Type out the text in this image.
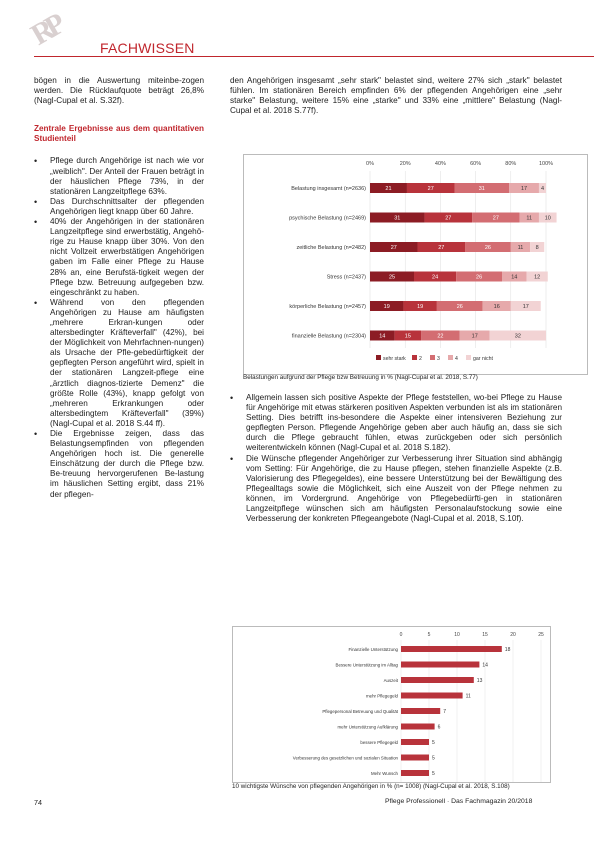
RP FACHWISSEN

bögen in die Auswertung miteinbe-zogen werden. Die Rücklaufquote beträgt 26,8% (Nagl-Cupal et al. S.32f).

Zentrale Ergebnisse aus dem quantitativen Studienteil

• Pflege durch Angehörige ist nach wie vor „weiblich". Der Anteil der Frauen beträgt in der häuslichen Pflege 73%, in der stationären Langzeitpflege 63%.
• Das Durchschnittsalter der pflegenden Angehörigen liegt knapp über 60 Jahre.
• 40% der Angehörigen in der stationären Langzeitpflege sind erwerbstätig, Angehö-rige zu Hause knapp über 30%. Von den nicht Vollzeit erwerbstätigen Angehörigen gaben im Falle einer Pflege zu Hause 28% an, eine Berufstä-tigkeit wegen der Pflege bzw. Betreuung aufgegeben bzw. eingeschränkt zu haben.
• Während von den pflegenden Angehörigen zu Hause am häufigsten „mehrere Erkran-kungen oder altersbedingter Kräfteverfall" (42%), bei der Möglichkeit von Mehrfachnen-nungen) als Ursache der Pfle-gebedürftigkeit der gepflegten Person angeführt wird, spielt in der stationären Langzeit-pflege eine „ärztlich diagnos-tizierte Demenz" die größte Rolle (43%), knapp gefolgt von „mehreren Erkrankungen oder altersbedingtem Kräfteverfall" (39%) (Nagl-Cupal et al. 2018 S.44 ff).
• Die Ergebnisse zeigen, dass das Belastungsempfinden von pflegenden Angehörigen hoch ist. Die generelle Einschätzung der durch die Pflege bzw. Be-treuung hervorgerufenen Be-lastung im häuslichen Setting ergibt, dass 21% der pflegen-

den Angehörigen insgesamt „sehr stark" belastet sind, weitere 27% sich „stark" belastet fühlen. Im stationären Bereich empfinden 6% der pflegenden Angehörigen eine „sehr starke" Belastung, weitere 15% eine „starke" und 33% eine „mittlere" Belastung (Nagl-Cupal et al. 2018 S.77f).

0%	20%	40%	60%	80%	100%
Belastung insgesamt (n=2636)	21	27	31	17	4
psychische Belastung (n=2469)	31	27	27	11 10
zeitliche Belastung (n=2482)	27	27	26	11 8
Stress (n=2437)	25	24	26	14	12
körperliche Belastung (n=2457)	19	19	26	16	17
finanzielle Belastung (n=2304) 14	15	22	17	32
sehr stark	2	3	4	gar nicht
Belastungen aufgrund der Pflege bzw Betreuung in % (Nagl-Cupal et al. 2018, S.77)
• Allgemein lassen sich positive Aspekte der Pflege feststellen, wo-bei Pflege zu Hause für Angehörige mit etwas stärkeren positiven Aspekten verbunden ist als im stationären Setting. Dies betrifft ins-besondere die Aspekte einer intensiveren Beziehung zur gepflegten Person. Pflegende Angehörige geben aber auch häufig an, dass sie sich durch die Pflege gebraucht fühlen, etwas zurückgeben oder sich persönlich weiterentwickeln können (Nagl-Cupal et al. 2018 S.182).
• Die Wünsche pflegender Angehöriger zur Verbesserung ihrer Situation sind abhängig vom Setting: Für Angehörige, die zu Hause pflegen, stehen finanzielle Aspekte (z.B. Valorisierung des Pflegegeldes), eine bessere Unterstützung bei der Bewältigung des Pflegealltags sowie die Möglichkeit, sich eine Auszeit von der Pflege nehmen zu können, im Vordergrund. Angehörige von Pflegebedürfti-gen in stationären Langzeitpflege wünschen sich am häufigsten Personalaufstockung sowie eine Verbesserung der konkreten Pflegeangebote (Nagl-Cupal et al. 2018, S.10f).
0	5	10	15	20	25
Finanzielle Unterstützung	18
Bessere Unterstützung im Alltag	14
Auszeit	13
mehr Pflegegeld	11
Pflegepersonal Betreuung und Qualität	7
mehr Unterstützung Aufklärung	6
bessere Pflegegeld	5
Verbesserung des gesetzlichen und sozialen Situation	5
Mehr Wunsch	5
10 wichtigste Wünsche von pflegenden Angehörigen in % (n= 1008) (Nagl-Cupal et al. 2018, S.108)
74	Pflege Professionell · Das Fachmagazin 20/2018
